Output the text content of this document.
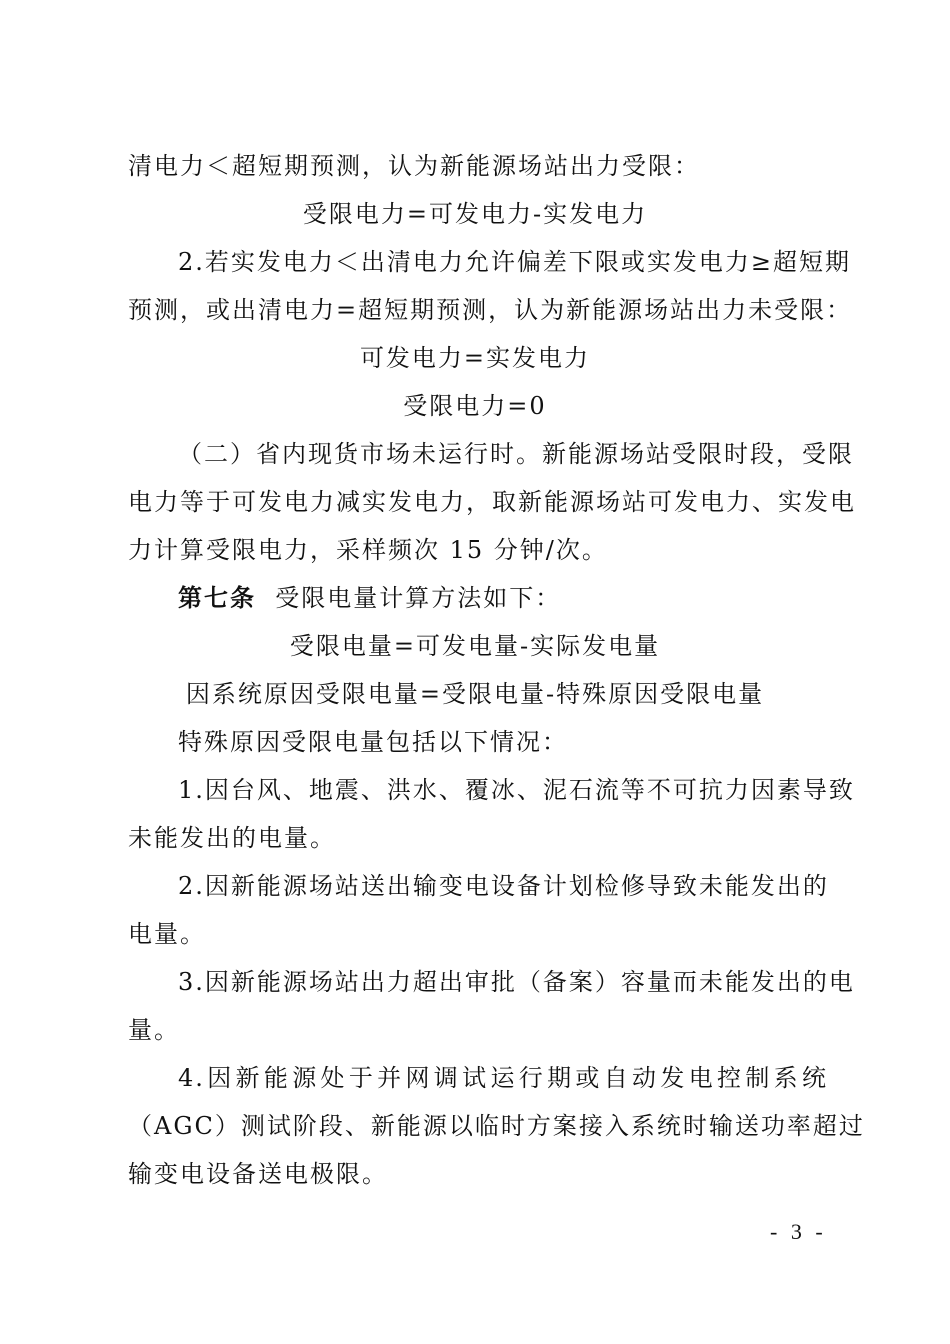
清电力＜超短期预测，认为新能源场站出力受限：
受限电力=可发电力-实发电力
2.若实发电力＜出清电力允许偏差下限或实发电力≥超短期
预测，或出清电力=超短期预测，认为新能源场站出力未受限：
可发电力=实发电力
受限电力=0
（二）省内现货市场未运行时。新能源场站受限时段，受限
电力等于可发电力减实发电力，取新能源场站可发电力、实发电
力计算受限电力，采样频次 15 分钟/次。
第七条 受限电量计算方法如下：
受限电量=可发电量-实际发电量
因系统原因受限电量=受限电量-特殊原因受限电量
特殊原因受限电量包括以下情况：
1.因台风、地震、洪水、覆冰、泥石流等不可抗力因素导致
未能发出的电量。
2.因新能源场站送出输变电设备计划检修导致未能发出的
电量。
3.因新能源场站出力超出审批（备案）容量而未能发出的电
量。
4.因新能源处于并网调试运行期或自动发电控制系统
（AGC）测试阶段、新能源以临时方案接入系统时输送功率超过
输变电设备送电极限。
- 3 -
